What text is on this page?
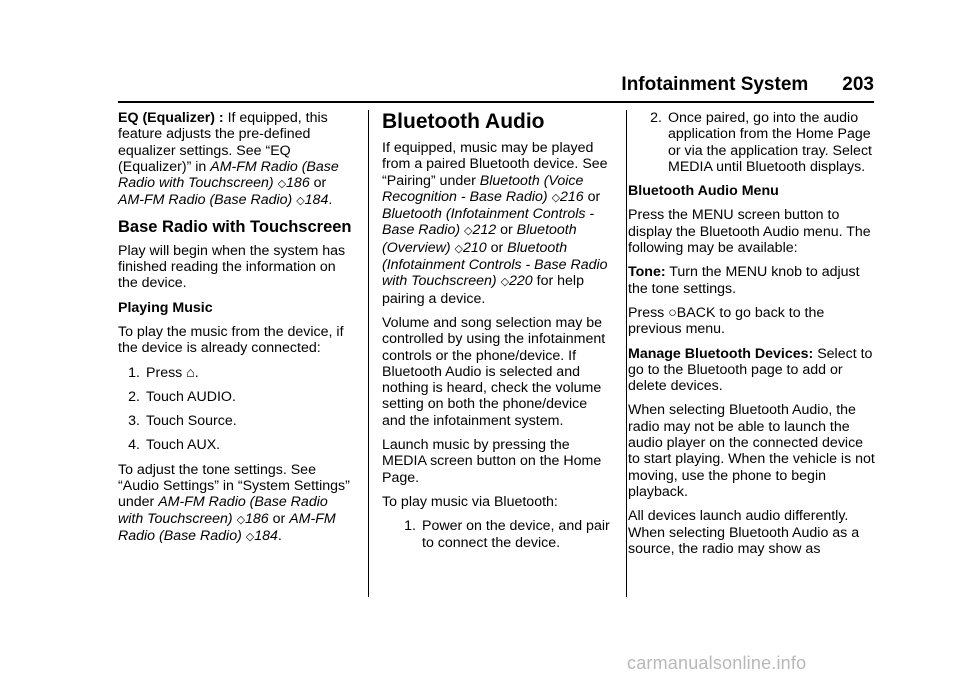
Infotainment System 203

EQ (Equalizer) : If equipped, this feature adjusts the pre-defined equalizer settings. See “EQ (Equalizer)” in AM-FM Radio (Base Radio with Touchscreen) ◇186 or AM-FM Radio (Base Radio) ◇184.

Base Radio with Touchscreen

Play will begin when the system has finished reading the information on the device.

Playing Music

To play the music from the device, if the device is already connected:

1. Press ⌂.
2. Touch AUDIO.
3. Touch Source.
4. Touch AUX.

To adjust the tone settings. See “Audio Settings” in “System Settings” under AM-FM Radio (Base Radio with Touchscreen) ◇186 or AM-FM Radio (Base Radio) ◇184.

Bluetooth Audio

If equipped, music may be played from a paired Bluetooth device. See “Pairing” under Bluetooth (Voice Recognition - Base Radio) ◇216 or Bluetooth (Infotainment Controls - Base Radio) ◇212 or Bluetooth (Overview) ◇210 or Bluetooth (Infotainment Controls - Base Radio with Touchscreen) ◇220 for help pairing a device.

Volume and song selection may be controlled by using the infotainment controls or the phone/device. If Bluetooth Audio is selected and nothing is heard, check the volume setting on both the phone/device and the infotainment system.

Launch music by pressing the MEDIA screen button on the Home Page.

To play music via Bluetooth:

1. Power on the device, and pair to connect the device.
2. Once paired, go into the audio application from the Home Page or via the application tray. Select MEDIA until Bluetooth displays.

Bluetooth Audio Menu

Press the MENU screen button to display the Bluetooth Audio menu. The following may be available:

Tone: Turn the MENU knob to adjust the tone settings.

Press ○BACK to go back to the previous menu.

Manage Bluetooth Devices: Select to go to the Bluetooth page to add or delete devices.

When selecting Bluetooth Audio, the radio may not be able to launch the audio player on the connected device to start playing. When the vehicle is not moving, use the phone to begin playback.

All devices launch audio differently. When selecting Bluetooth Audio as a source, the radio may show as

carmanualsonline.info
